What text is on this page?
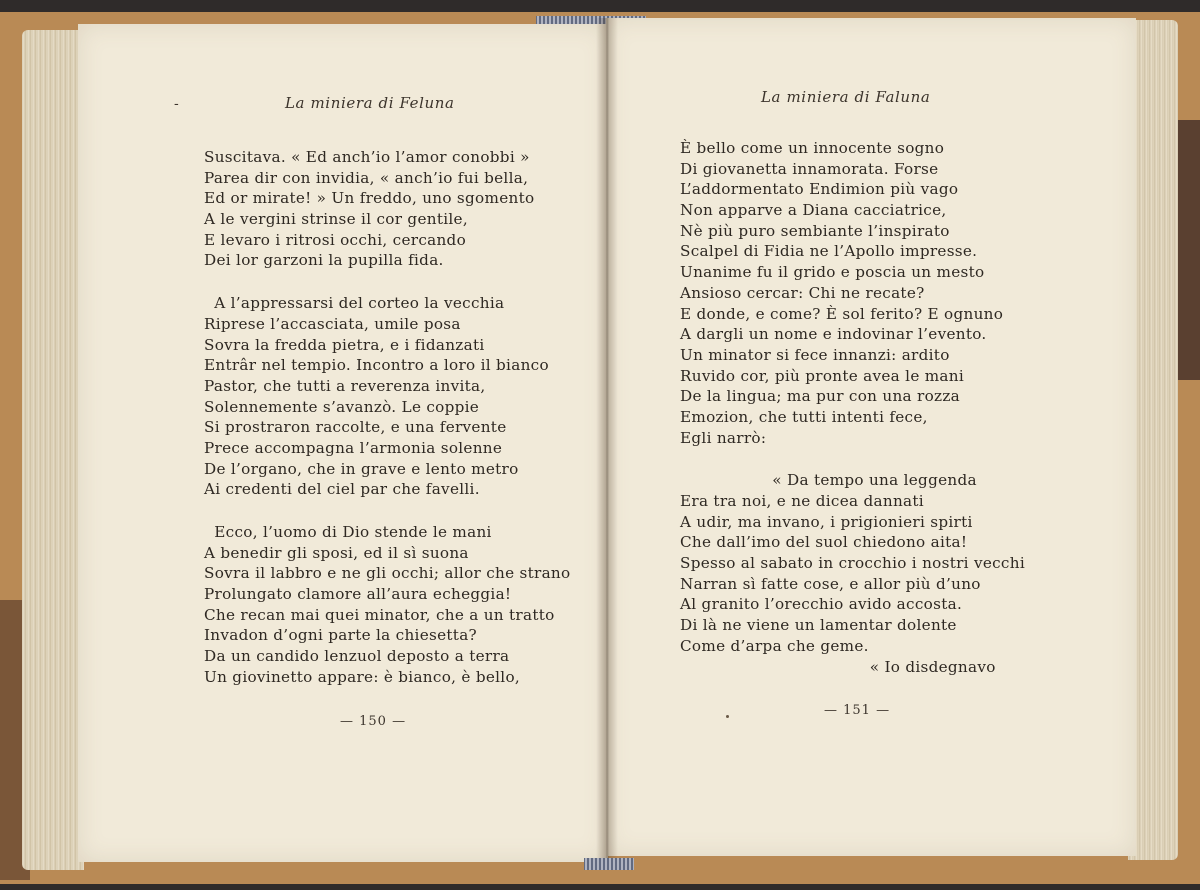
-	La miniera di Feluna
Suscitava. « Ed anch’io l’amor conobbi »
Parea dir con invidia, « anch’io fui bella,
Ed or mirate! » Un freddo, uno sgomento
A le vergini strinse il cor gentile,
E levaro i ritrosi occhi, cercando
Dei lor garzoni la pupilla fida.
A l’appressarsi del corteo la vecchia
Riprese l’accasciata, umile posa
Sovra la fredda pietra, e i fidanzati
Entrâr nel tempio. Incontro a loro il bianco
Pastor, che tutti a reverenza invita,
Solennemente s’avanzò. Le coppie
Si prostraron raccolte, e una fervente
Prece accompagna l’armonia solenne
De l’organo, che in grave e lento metro
Ai credenti del ciel par che favelli.
Ecco, l’uomo di Dio stende le mani
A benedir gli sposi, ed il sì suona
Sovra il labbro e ne gli occhi; allor che strano
Prolungato clamore all’aura echeggia!
Che recan mai quei minator, che a un tratto
Invadon d’ogni parte la chiesetta?
Da un candido lenzuol deposto a terra
Un giovinetto appare: è bianco, è bello,
— 150 —
La miniera di Faluna
È bello come un innocente sogno
Di giovanetta innamorata. Forse
L’addormentato Endimion più vago
Non apparve a Diana cacciatrice,
Nè più puro sembiante l’inspirato
Scalpel di Fidia ne l’Apollo impresse.
Unanime fu il grido e poscia un mesto
Ansioso cercar: Chi ne recate?
E donde, e come? È sol ferito? E ognuno
A dargli un nome e indovinar l’evento.
Un minator si fece innanzi: ardito
Ruvido cor, più pronte avea le mani
De la lingua; ma pur con una rozza
Emozion, che tutti intenti fece,
Egli narrò:
« Da tempo una leggenda
Era tra noi, e ne dicea dannati
A udir, ma invano, i prigionieri spirti
Che dall’imo del suol chiedono aita!
Spesso al sabato in crocchio i nostri vecchi
Narran sì fatte cose, e allor più d’uno
Al granito l’orecchio avido accosta.
Di là ne viene un lamentar dolente
Come d’arpa che geme.
« Io disdegnavo
— 151 —
